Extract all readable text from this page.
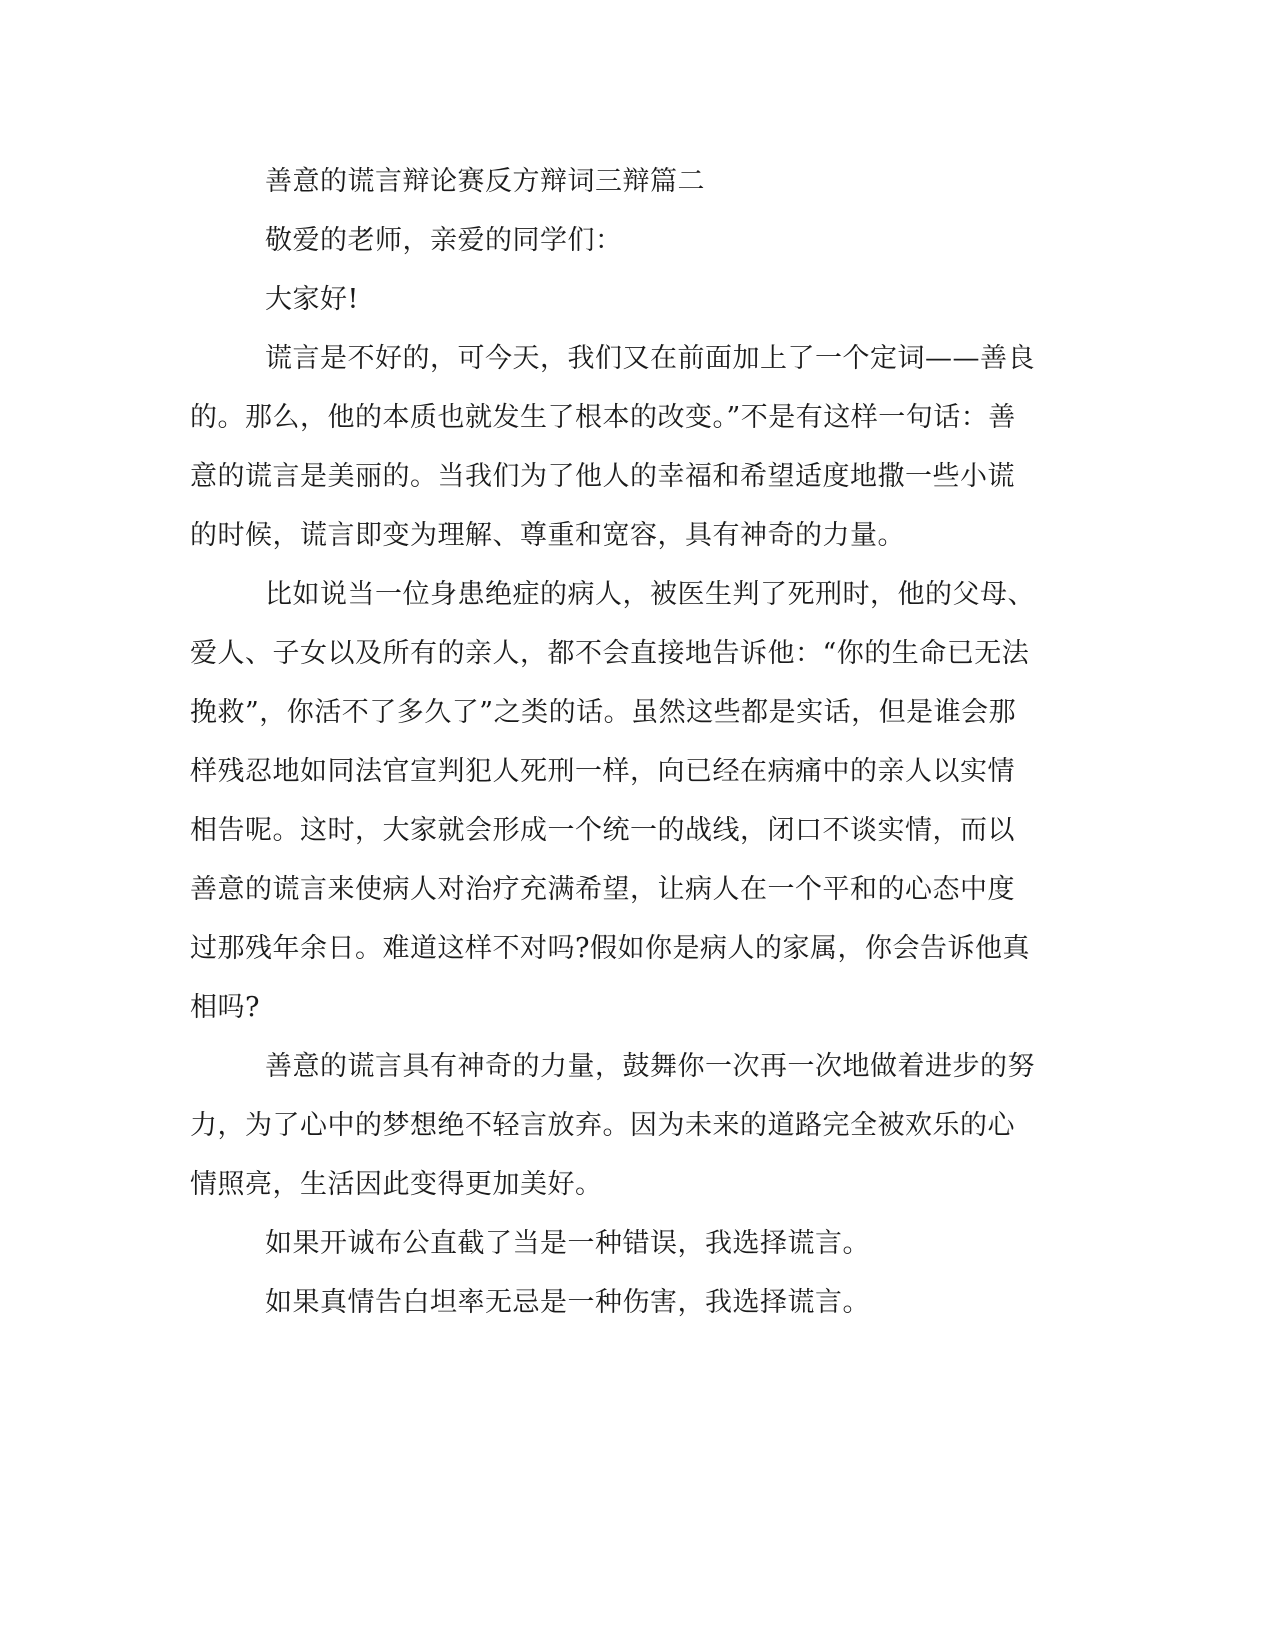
善意的谎言辩论赛反方辩词三辩篇二
敬爱的老师，亲爱的同学们：
大家好!
谎言是不好的，可今天，我们又在前面加上了一个定词——善良
的。那么，他的本质也就发生了根本的改变。”不是有这样一句话：善
意的谎言是美丽的。当我们为了他人的幸福和希望适度地撒一些小谎
的时候，谎言即变为理解、尊重和宽容，具有神奇的力量。
比如说当一位身患绝症的病人，被医生判了死刑时，他的父母、
爱人、子女以及所有的亲人，都不会直接地告诉他：“你的生命已无法
挽救”，你活不了多久了”之类的话。虽然这些都是实话，但是谁会那
样残忍地如同法官宣判犯人死刑一样，向已经在病痛中的亲人以实情
相告呢。这时，大家就会形成一个统一的战线，闭口不谈实情，而以
善意的谎言来使病人对治疗充满希望，让病人在一个平和的心态中度
过那残年余日。难道这样不对吗?假如你是病人的家属，你会告诉他真
相吗?
善意的谎言具有神奇的力量，鼓舞你一次再一次地做着进步的努
力，为了心中的梦想绝不轻言放弃。因为未来的道路完全被欢乐的心
情照亮，生活因此变得更加美好。
如果开诚布公直截了当是一种错误，我选择谎言。
如果真情告白坦率无忌是一种伤害，我选择谎言。
